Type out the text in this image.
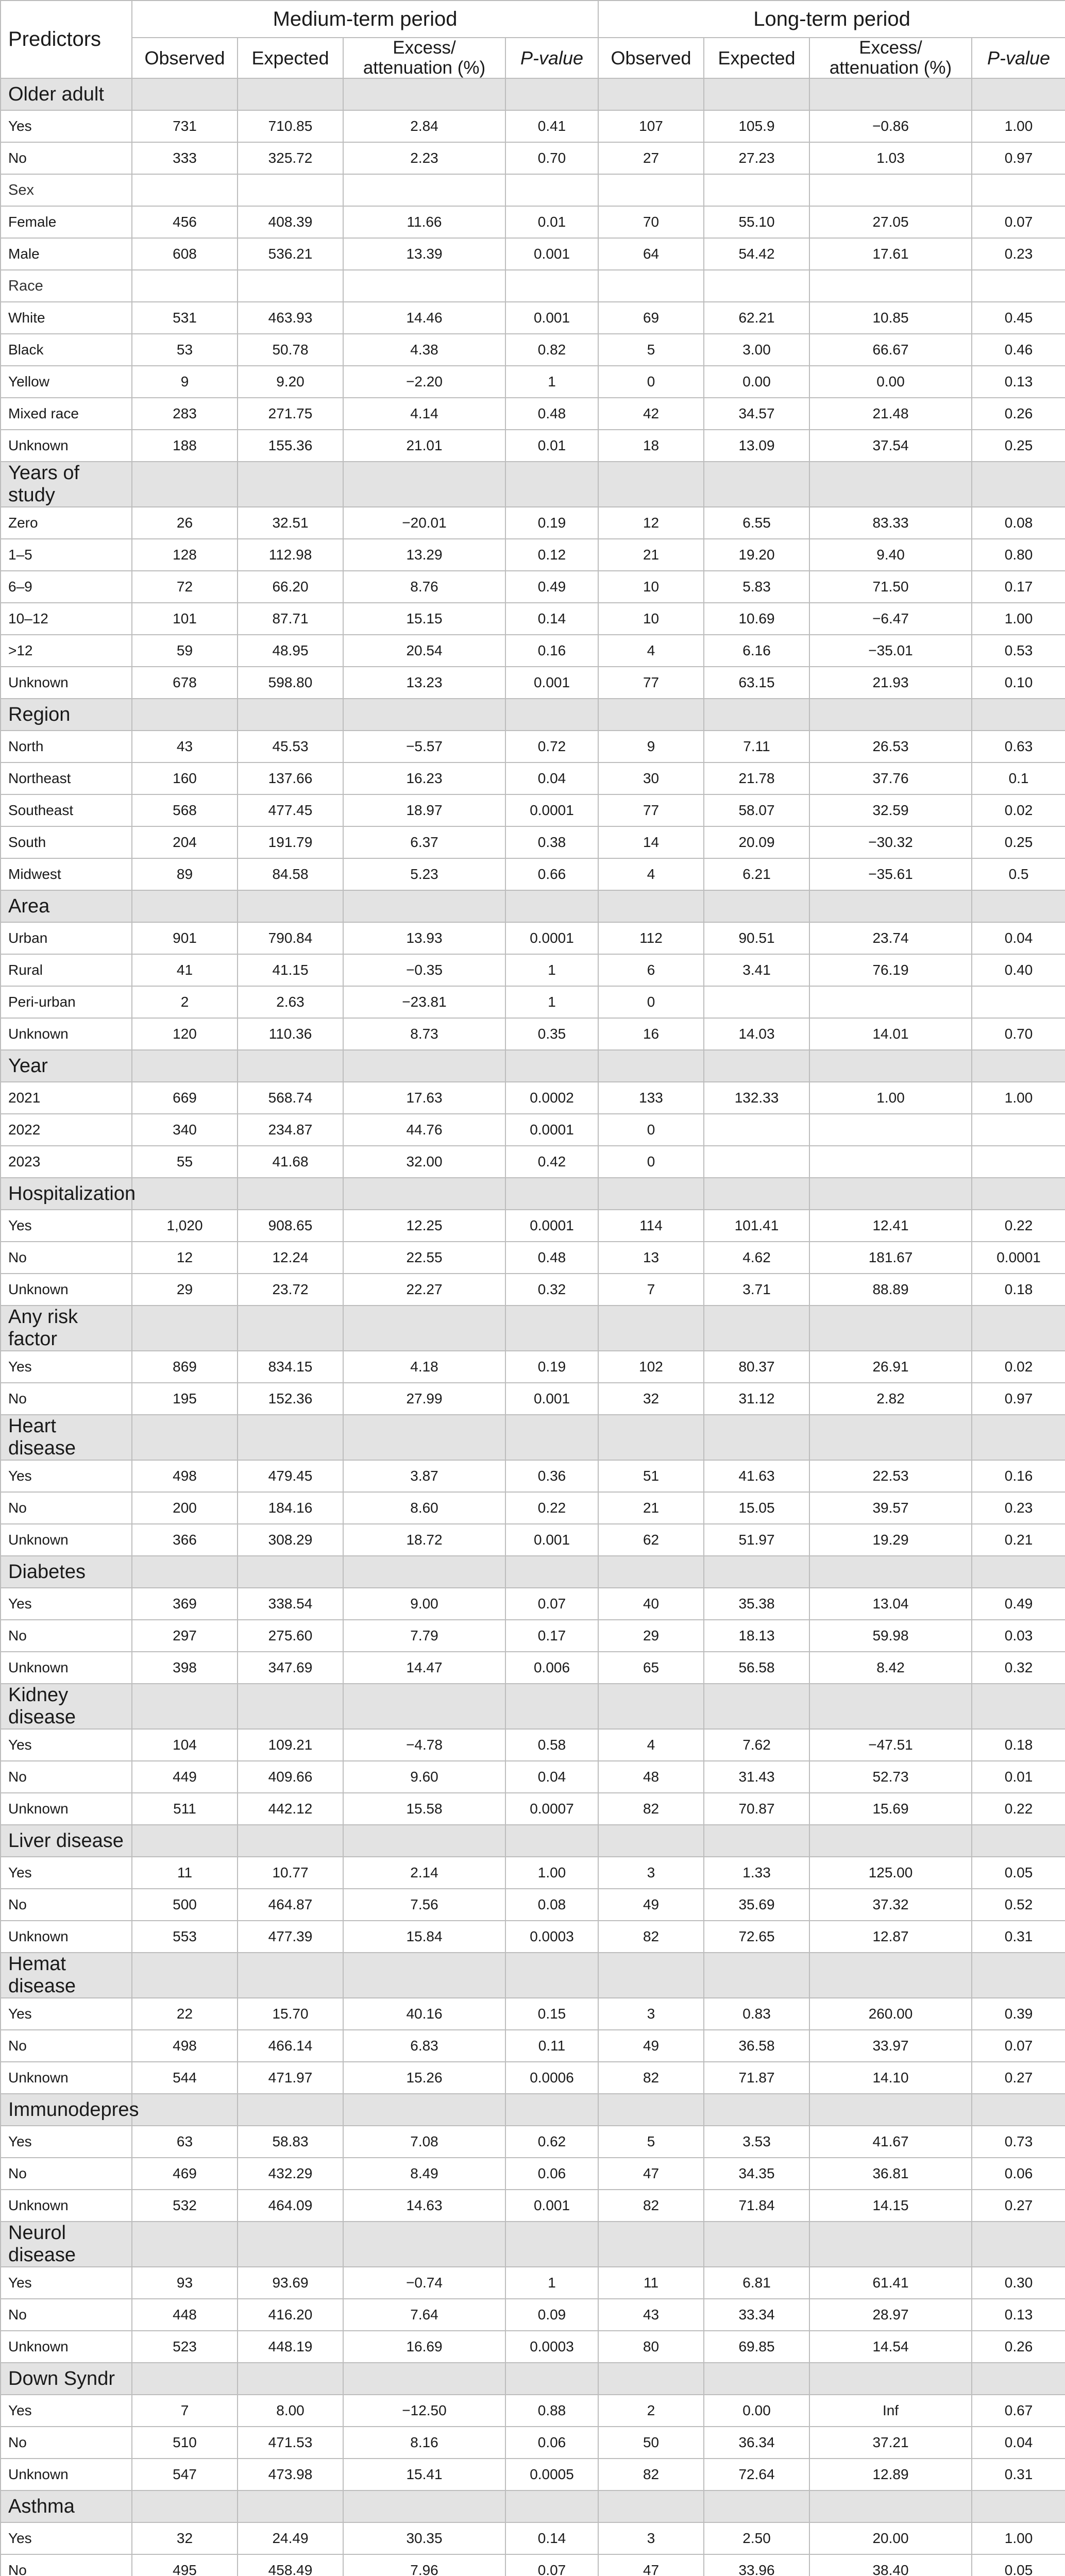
Predictors	Medium-term period				Long-term period			
	Observed	Expected	Excess/ attenuation (%)	P-value	Observed	Expected	Excess/ attenuation (%)	P-value
Older adult								
Yes	731	710.85	2.84	0.41	107	105.9	−0.86	1.00
No	333	325.72	2.23	0.70	27	27.23	1.03	0.97
Sex								
Female	456	408.39	11.66	0.01	70	55.10	27.05	0.07
Male	608	536.21	13.39	0.001	64	54.42	17.61	0.23
Race								
White	531	463.93	14.46	0.001	69	62.21	10.85	0.45
Black	53	50.78	4.38	0.82	5	3.00	66.67	0.46
Yellow	9	9.20	−2.20	1	0	0.00	0.00	0.13
Mixed race	283	271.75	4.14	0.48	42	34.57	21.48	0.26
Unknown	188	155.36	21.01	0.01	18	13.09	37.54	0.25
Years of study								
Zero	26	32.51	−20.01	0.19	12	6.55	83.33	0.08
1–5	128	112.98	13.29	0.12	21	19.20	9.40	0.80
6–9	72	66.20	8.76	0.49	10	5.83	71.50	0.17
10–12	101	87.71	15.15	0.14	10	10.69	−6.47	1.00
>12	59	48.95	20.54	0.16	4	6.16	−35.01	0.53
Unknown	678	598.80	13.23	0.001	77	63.15	21.93	0.10
Region								
North	43	45.53	−5.57	0.72	9	7.11	26.53	0.63
Northeast	160	137.66	16.23	0.04	30	21.78	37.76	0.1
Southeast	568	477.45	18.97	0.0001	77	58.07	32.59	0.02
South	204	191.79	6.37	0.38	14	20.09	−30.32	0.25
Midwest	89	84.58	5.23	0.66	4	6.21	−35.61	0.5
Area								
Urban	901	790.84	13.93	0.0001	112	90.51	23.74	0.04
Rural	41	41.15	−0.35	1	6	3.41	76.19	0.40
Peri-urban	2	2.63	−23.81	1	0			
Unknown	120	110.36	8.73	0.35	16	14.03	14.01	0.70
Year								
2021	669	568.74	17.63	0.0002	133	132.33	1.00	1.00
2022	340	234.87	44.76	0.0001	0			
2023	55	41.68	32.00	0.42	0			
Hospitalization								
Yes	1,020	908.65	12.25	0.0001	114	101.41	12.41	0.22
No	12	12.24	22.55	0.48	13	4.62	181.67	0.0001
Unknown	29	23.72	22.27	0.32	7	3.71	88.89	0.18
Any risk factor								
Yes	869	834.15	4.18	0.19	102	80.37	26.91	0.02
No	195	152.36	27.99	0.001	32	31.12	2.82	0.97
Heart disease								
Yes	498	479.45	3.87	0.36	51	41.63	22.53	0.16
No	200	184.16	8.60	0.22	21	15.05	39.57	0.23
Unknown	366	308.29	18.72	0.001	62	51.97	19.29	0.21
Diabetes								
Yes	369	338.54	9.00	0.07	40	35.38	13.04	0.49
No	297	275.60	7.79	0.17	29	18.13	59.98	0.03
Unknown	398	347.69	14.47	0.006	65	56.58	8.42	0.32
Kidney disease								
Yes	104	109.21	−4.78	0.58	4	7.62	−47.51	0.18
No	449	409.66	9.60	0.04	48	31.43	52.73	0.01
Unknown	511	442.12	15.58	0.0007	82	70.87	15.69	0.22
Liver disease								
Yes	11	10.77	2.14	1.00	3	1.33	125.00	0.05
No	500	464.87	7.56	0.08	49	35.69	37.32	0.52
Unknown	553	477.39	15.84	0.0003	82	72.65	12.87	0.31
Hemat disease								
Yes	22	15.70	40.16	0.15	3	0.83	260.00	0.39
No	498	466.14	6.83	0.11	49	36.58	33.97	0.07
Unknown	544	471.97	15.26	0.0006	82	71.87	14.10	0.27
Immunodepres								
Yes	63	58.83	7.08	0.62	5	3.53	41.67	0.73
No	469	432.29	8.49	0.06	47	34.35	36.81	0.06
Unknown	532	464.09	14.63	0.001	82	71.84	14.15	0.27
Neurol disease								
Yes	93	93.69	−0.74	1	11	6.81	61.41	0.30
No	448	416.20	7.64	0.09	43	33.34	28.97	0.13
Unknown	523	448.19	16.69	0.0003	80	69.85	14.54	0.26
Down Syndr								
Yes	7	8.00	−12.50	0.88	2	0.00	Inf	0.67
No	510	471.53	8.16	0.06	50	36.34	37.21	0.04
Unknown	547	473.98	15.41	0.0005	82	72.64	12.89	0.31
Asthma								
Yes	32	24.49	30.35	0.14	3	2.50	20.00	1.00
No	495	458.49	7.96	0.07	47	33.96	38.40	0.05
